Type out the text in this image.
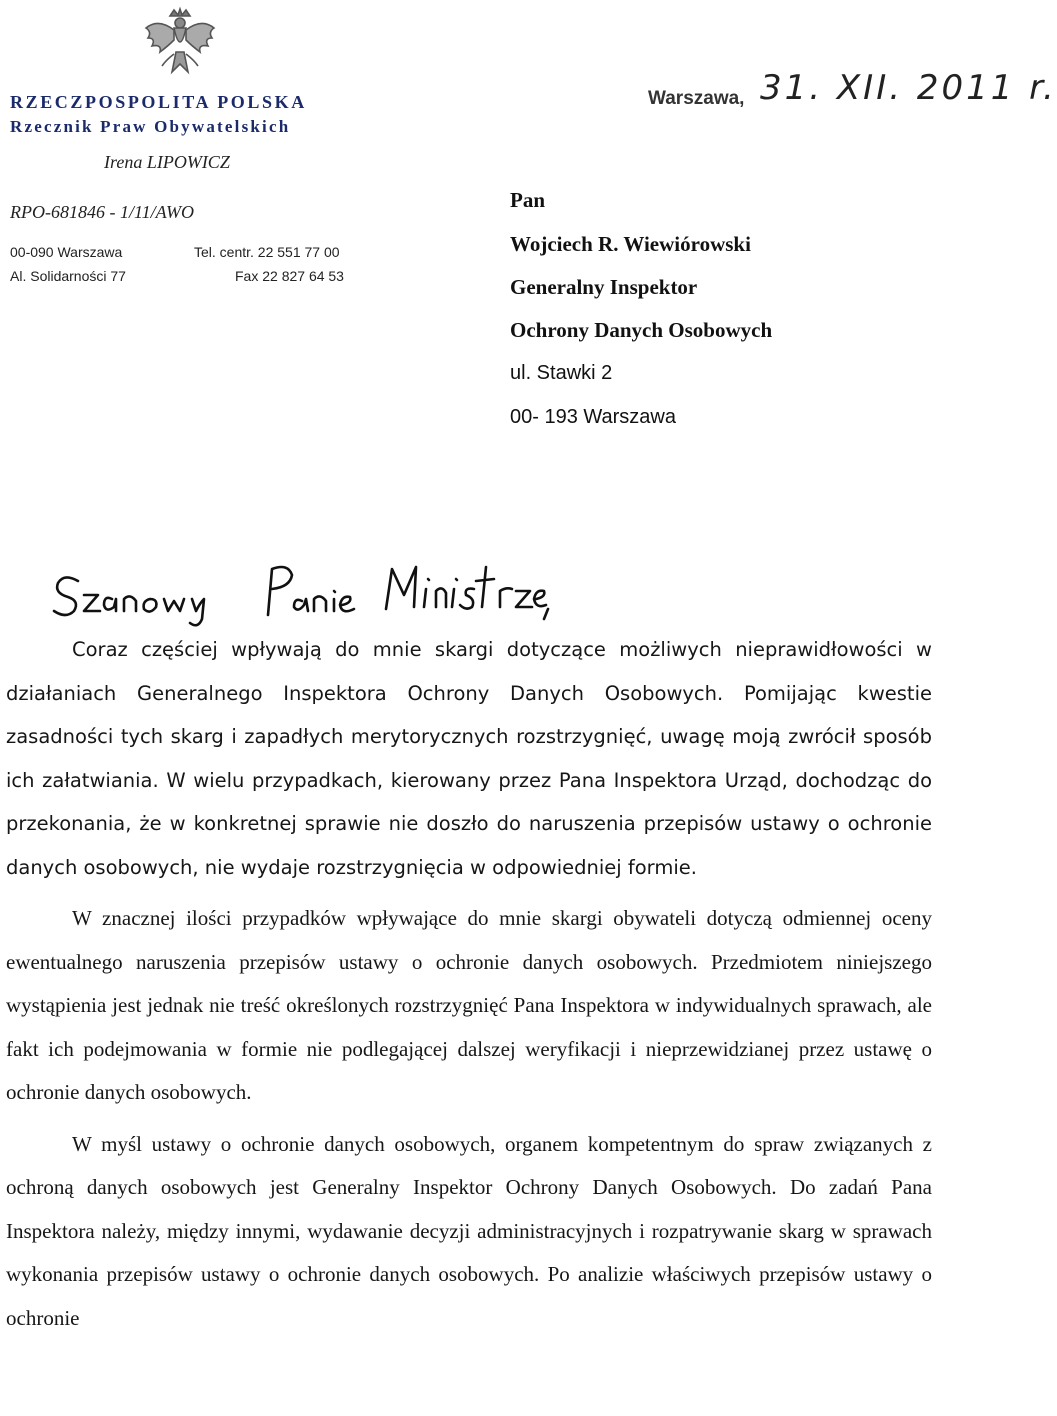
RZECZPOSPOLITA POLSKA
Rzecznik Praw Obywatelskich
Irena LIPOWICZ
RPO-681846 - 1/11/AWO
00-090 Warszawa
Al. Solidarności 77
Tel. centr. 22 551 77 00
Fax 22 827 64 53
Warszawa, 31. XII. 2011 r.
Pan
Wojciech R. Wiewiórowski
Generalny Inspektor
Ochrony Danych Osobowych
ul. Stawki 2
00- 193 Warszawa

Coraz częściej wpływają do mnie skargi dotyczące możliwych nieprawidłowości w działaniach Generalnego Inspektora Ochrony Danych Osobowych. Pomijając kwestie zasadności tych skarg i zapadłych merytorycznych rozstrzygnięć, uwagę moją zwrócił sposób ich załatwiania. W wielu przypadkach, kierowany przez Pana Inspektora Urząd, dochodząc do przekonania, że w konkretnej sprawie nie doszło do naruszenia przepisów ustawy o ochronie danych osobowych, nie wydaje rozstrzygnięcia w odpowiedniej formie.

W znacznej ilości przypadków wpływające do mnie skargi obywateli dotyczą odmiennej oceny ewentualnego naruszenia przepisów ustawy o ochronie danych osobowych. Przedmiotem niniejszego wystąpienia jest jednak nie treść określonych rozstrzygnięć Pana Inspektora w indywidualnych sprawach, ale fakt ich podejmowania w formie nie podlegającej dalszej weryfikacji i nieprzewidzianej przez ustawę o ochronie danych osobowych.

W myśl ustawy o ochronie danych osobowych, organem kompetentnym do spraw związanych z ochroną danych osobowych jest Generalny Inspektor Ochrony Danych Osobowych. Do zadań Pana Inspektora należy, między innymi, wydawanie decyzji administracyjnych i rozpatrywanie skarg w sprawach wykonania przepisów ustawy o ochronie danych osobowych. Po analizie właściwych przepisów ustawy o ochronie
